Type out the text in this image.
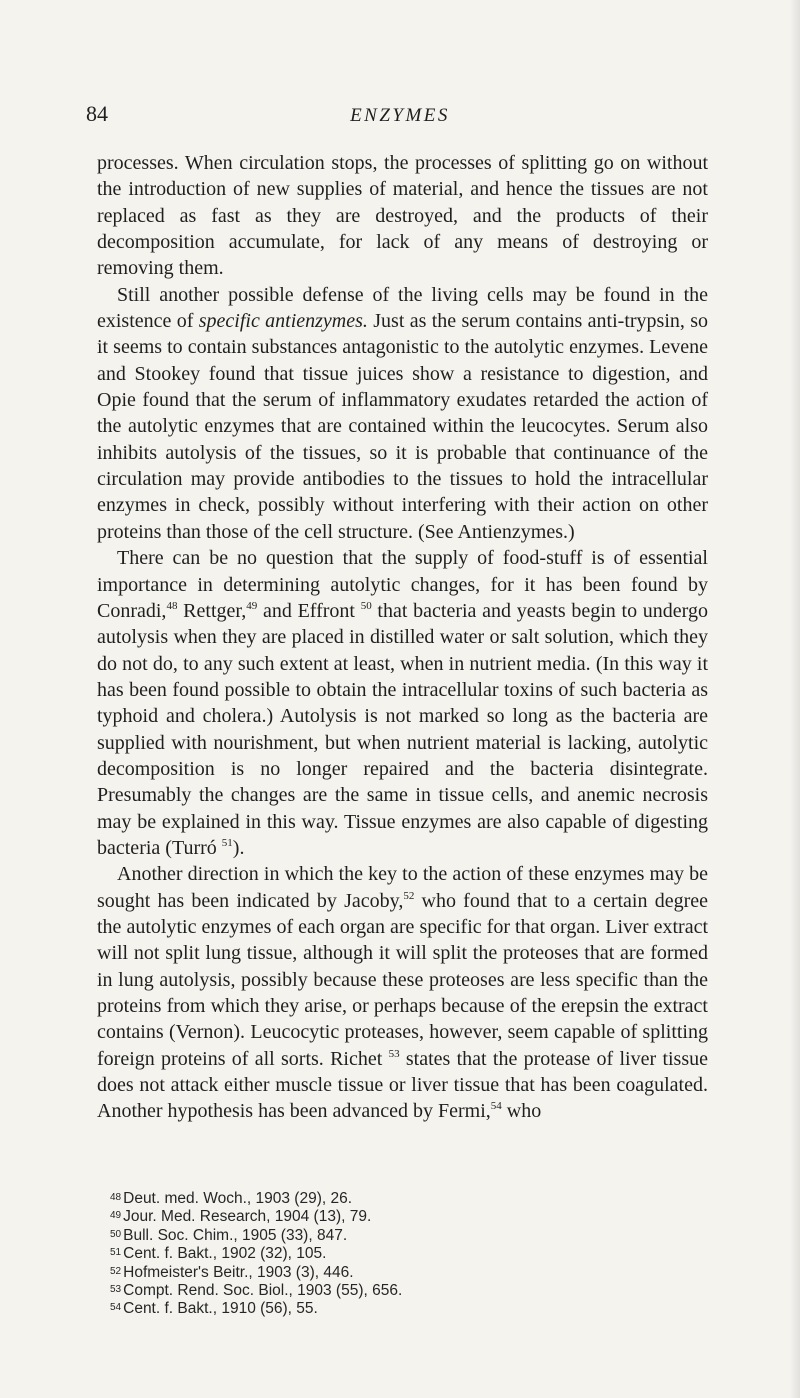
84	ENZYMES

processes. When circulation stops, the processes of splitting go on without the introduction of new supplies of material, and hence the tissues are not replaced as fast as they are destroyed, and the products of their decomposition accumulate, for lack of any means of destroying or removing them.

Still another possible defense of the living cells may be found in the existence of specific antienzymes. Just as the serum contains anti-trypsin, so it seems to contain substances antagonistic to the autolytic enzymes. Levene and Stookey found that tissue juices show a resistance to digestion, and Opie found that the serum of inflammatory exudates retarded the action of the autolytic enzymes that are contained within the leucocytes. Serum also inhibits autolysis of the tissues, so it is probable that continuance of the circulation may provide antibodies to the tissues to hold the intracellular enzymes in check, possibly without interfering with their action on other proteins than those of the cell structure. (See Antienzymes.)

There can be no question that the supply of food-stuff is of essential importance in determining autolytic changes, for it has been found by Conradi,$^{48}$ Rettger,$^{49}$ and Effront $^{50}$ that bacteria and yeasts begin to undergo autolysis when they are placed in distilled water or salt solution, which they do not do, to any such extent at least, when in nutrient media. (In this way it has been found possible to obtain the intracellular toxins of such bacteria as typhoid and cholera.) Autolysis is not marked so long as the bacteria are supplied with nourishment, but when nutrient material is lacking, autolytic decomposition is no longer repaired and the bacteria disintegrate. Presumably the changes are the same in tissue cells, and anemic necrosis may be explained in this way. Tissue enzymes are also capable of digesting bacteria (Turró $^{51}$).

Another direction in which the key to the action of these enzymes may be sought has been indicated by Jacoby,$^{52}$ who found that to a certain degree the autolytic enzymes of each organ are specific for that organ. Liver extract will not split lung tissue, although it will split the proteoses that are formed in lung autolysis, possibly because these proteoses are less specific than the proteins from which they arise, or perhaps because of the erepsin the extract contains (Vernon). Leucocytic proteases, however, seem capable of splitting foreign proteins of all sorts. Richet $^{53}$ states that the protease of liver tissue does not attack either muscle tissue or liver tissue that has been coagulated. Another hypothesis has been advanced by Fermi,$^{54}$ who

48 Deut. med. Woch., 1903 (29), 26.
49 Jour. Med. Research, 1904 (13), 79.
50 Bull. Soc. Chim., 1905 (33), 847.
51 Cent. f. Bakt., 1902 (32), 105.
52 Hofmeister's Beitr., 1903 (3), 446.
53 Compt. Rend. Soc. Biol., 1903 (55), 656.
54 Cent. f. Bakt., 1910 (56), 55.
